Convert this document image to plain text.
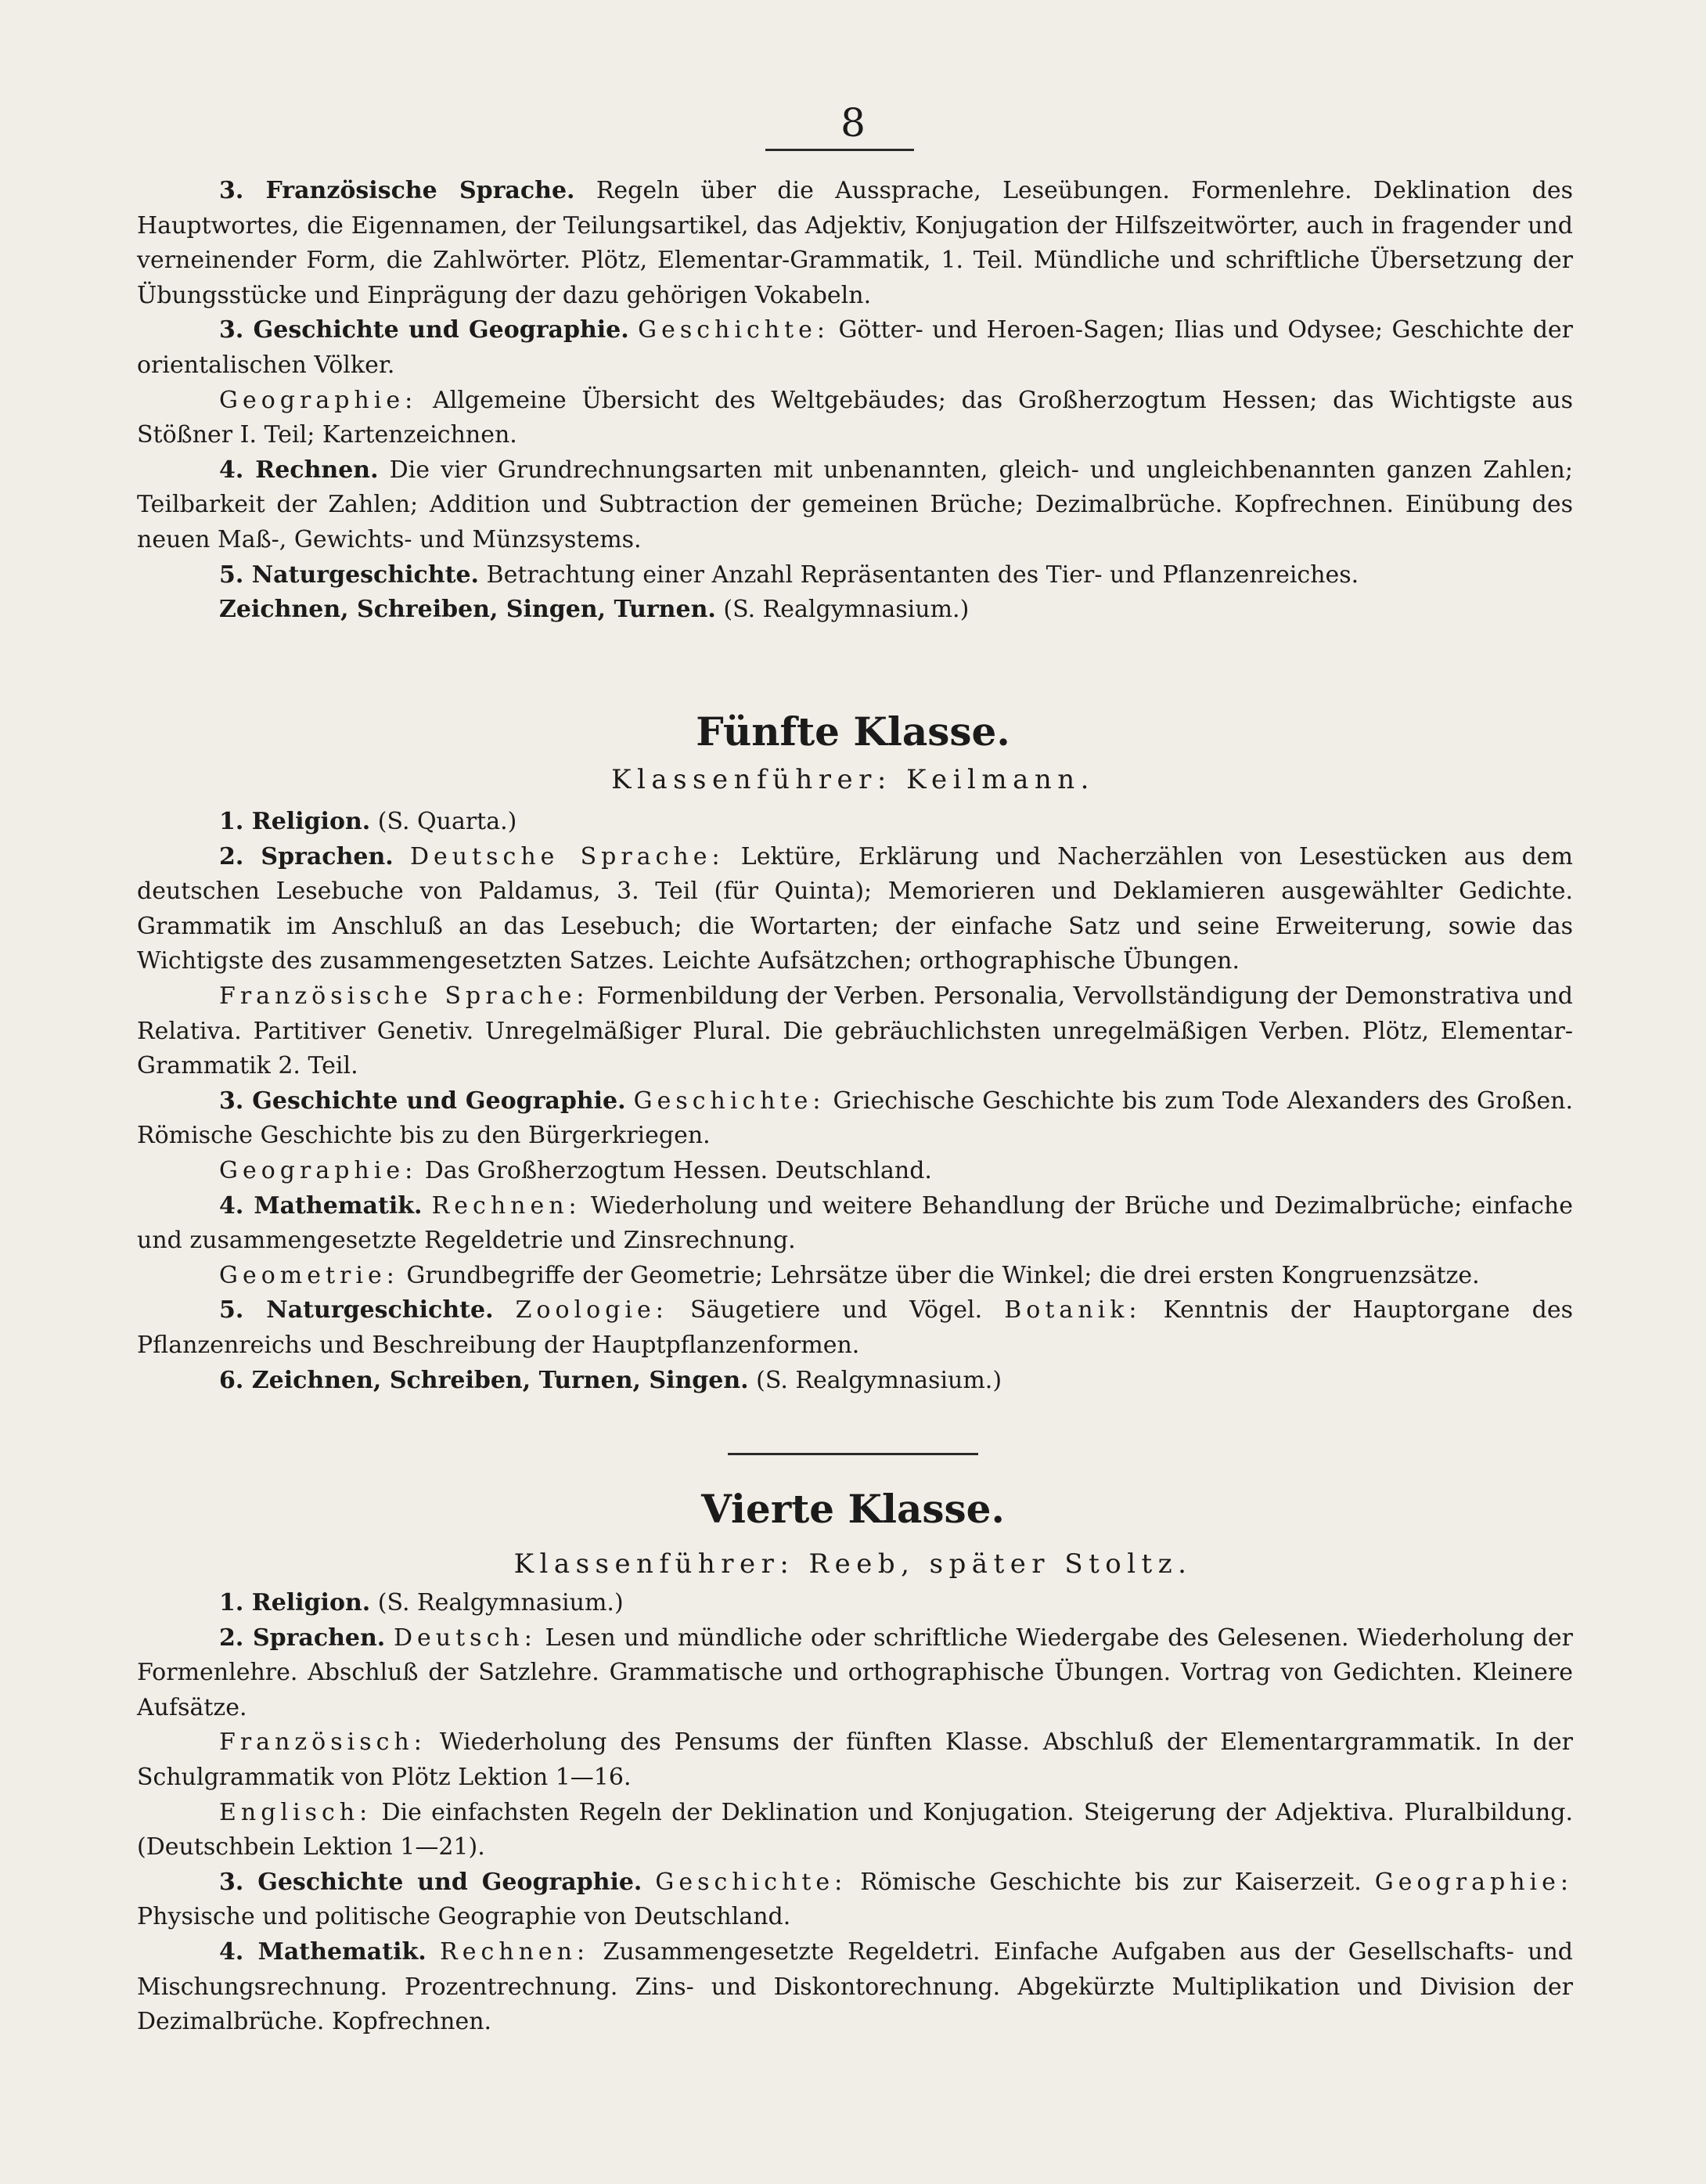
8

3. Französische Sprache. Regeln über die Aussprache, Leseübungen. Formenlehre. Deklination des Hauptwortes, die Eigennamen, der Teilungsartikel, das Adjektiv, Konjugation der Hilfszeitwörter, auch in fragender und verneinender Form, die Zahlwörter. Plötz, Elementar-Grammatik, 1. Teil. Mündliche und schriftliche Übersetzung der Übungsstücke und Einprägung der dazu gehörigen Vokabeln.

3. Geschichte und Geographie. Geschichte: Götter- und Heroen-Sagen; Ilias und Odysee; Geschichte der orientalischen Völker.

Geographie: Allgemeine Übersicht des Weltgebäudes; das Großherzogtum Hessen; das Wichtigste aus Stößner I. Teil; Kartenzeichnen.

4. Rechnen. Die vier Grundrechnungsarten mit unbenannten, gleich- und ungleichbenannten ganzen Zahlen; Teilbarkeit der Zahlen; Addition und Subtraction der gemeinen Brüche; Dezimalbrüche. Kopfrechnen. Einübung des neuen Maß-, Gewichts- und Münzsystems.

5. Naturgeschichte. Betrachtung einer Anzahl Repräsentanten des Tier- und Pflanzenreiches.

Zeichnen, Schreiben, Singen, Turnen. (S. Realgymnasium.)

Fünfte Klasse.

Klassenführer: Keilmann.

1. Religion. (S. Quarta.)

2. Sprachen. Deutsche Sprache: Lektüre, Erklärung und Nacherzählen von Lesestücken aus dem deutschen Lesebuche von Paldamus, 3. Teil (für Quinta); Memorieren und Deklamieren ausgewählter Gedichte. Grammatik im Anschluß an das Lesebuch; die Wortarten; der einfache Satz und seine Erweiterung, sowie das Wichtigste des zusammengesetzten Satzes. Leichte Aufsätzchen; orthographische Übungen.

Französische Sprache: Formenbildung der Verben. Personalia, Vervollständigung der Demonstrativa und Relativa. Partitiver Genetiv. Unregelmäßiger Plural. Die gebräuchlichsten unregelmäßigen Verben. Plötz, Elementar-Grammatik 2. Teil.

3. Geschichte und Geographie. Geschichte: Griechische Geschichte bis zum Tode Alexanders des Großen. Römische Geschichte bis zu den Bürgerkriegen.

Geographie: Das Großherzogtum Hessen. Deutschland.

4. Mathematik. Rechnen: Wiederholung und weitere Behandlung der Brüche und Dezimalbrüche; einfache und zusammengesetzte Regeldetrie und Zinsrechnung.

Geometrie: Grundbegriffe der Geometrie; Lehrsätze über die Winkel; die drei ersten Kongruenzsätze.

5. Naturgeschichte. Zoologie: Säugetiere und Vögel. Botanik: Kenntnis der Hauptorgane des Pflanzenreichs und Beschreibung der Hauptpflanzenformen.

6. Zeichnen, Schreiben, Turnen, Singen. (S. Realgymnasium.)

Vierte Klasse.

Klassenführer: Reeb, später Stoltz.

1. Religion. (S. Realgymnasium.)

2. Sprachen. Deutsch: Lesen und mündliche oder schriftliche Wiedergabe des Gelesenen. Wiederholung der Formenlehre. Abschluß der Satzlehre. Grammatische und orthographische Übungen. Vortrag von Gedichten. Kleinere Aufsätze.

Französisch: Wiederholung des Pensums der fünften Klasse. Abschluß der Elementargrammatik. In der Schulgrammatik von Plötz Lektion 1—16.

Englisch: Die einfachsten Regeln der Deklination und Konjugation. Steigerung der Adjektiva. Pluralbildung. (Deutschbein Lektion 1—21).

3. Geschichte und Geographie. Geschichte: Römische Geschichte bis zur Kaiserzeit. Geographie: Physische und politische Geographie von Deutschland.

4. Mathematik. Rechnen: Zusammengesetzte Regeldetri. Einfache Aufgaben aus der Gesellschafts- und Mischungsrechnung. Prozentrechnung. Zins- und Diskontorechnung. Abgekürzte Multiplikation und Division der Dezimalbrüche. Kopfrechnen.
